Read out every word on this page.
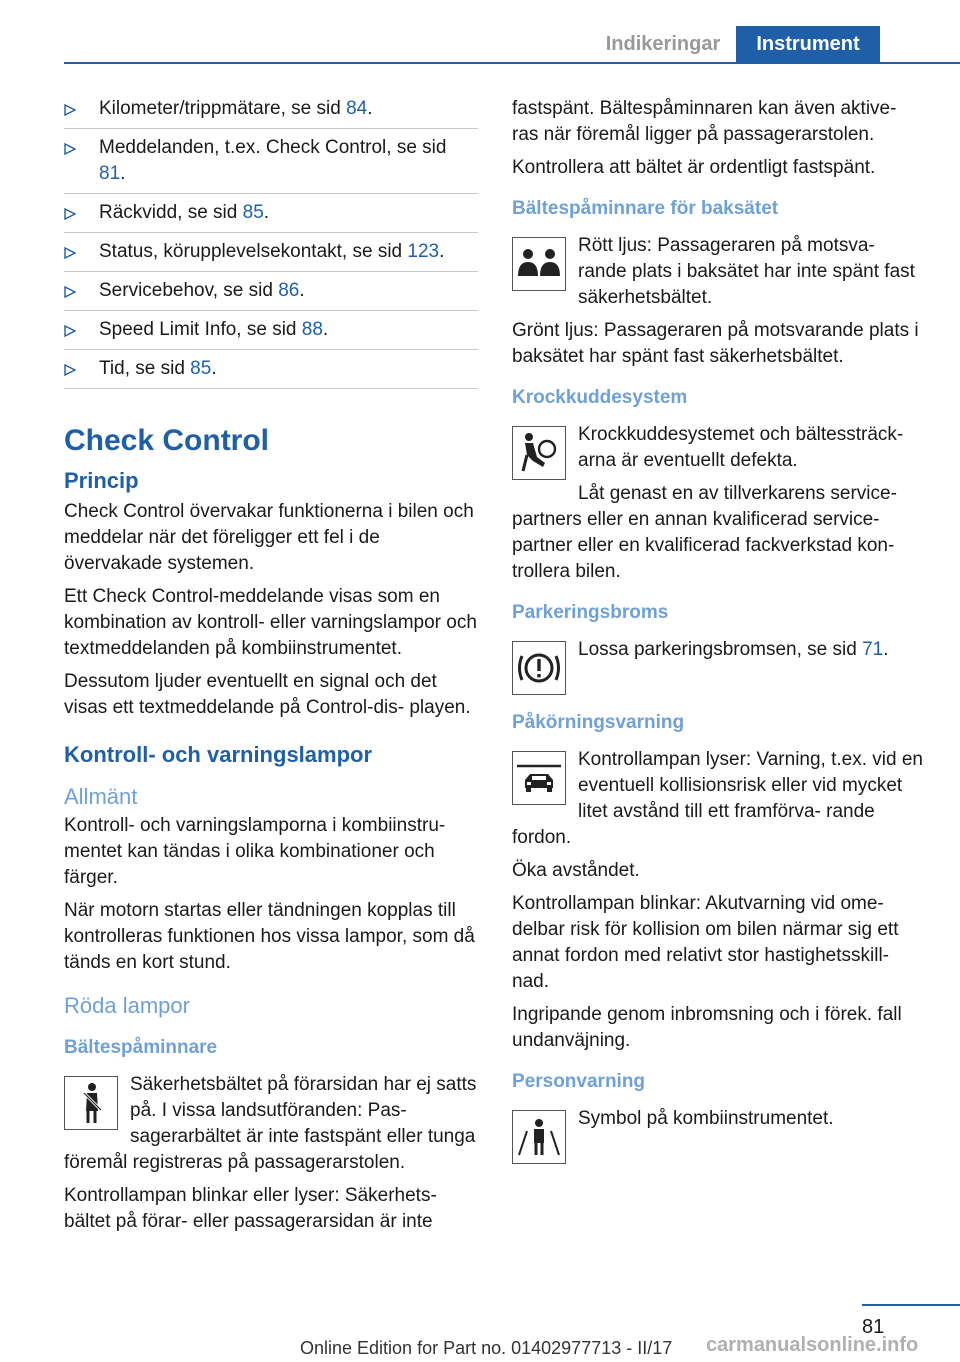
Indikeringar	Instrument
Kilometer/trippmätare, se sid 84.
Meddelanden, t.ex. Check Control, se sid 81.
Räckvidd, se sid 85.
Status, körupplevelsekontakt, se sid 123.
Servicebehov, se sid 86.
Speed Limit Info, se sid 88.
Tid, se sid 85.
Check Control
Princip

Check Control övervakar funktionerna i bilen och meddelar när det föreligger ett fel i de övervakade systemen.

Ett Check Control-meddelande visas som en kombination av kontroll- eller varningslampor och textmeddelanden på kombiinstrumentet.

Dessutom ljuder eventuellt en signal och det visas ett textmeddelande på Control-dis- playen.

Kontroll- och varningslampor
Allmänt

Kontroll- och varningslamporna i kombiinstru- mentet kan tändas i olika kombinationer och färger.

När motorn startas eller tändningen kopplas till kontrolleras funktionen hos vissa lampor, som då tänds en kort stund.

Röda lampor
Bältespåminnare

Säkerhetsbältet på förarsidan har ej satts på. I vissa landsutföranden: Pas- sagerarbältet är inte fastspänt eller tunga föremål registreras på passagerarstolen.

Kontrollampan blinkar eller lyser: Säkerhets- bältet på förar- eller passagerarsidan är inte

fastspänt. Bältespåminnaren kan även aktive- ras när föremål ligger på passagerarstolen.

Kontrollera att bältet är ordentligt fastspänt.

Bältespåminnare för baksätet

Rött ljus: Passageraren på motsva- rande plats i baksätet har inte spänt fast säkerhetsbältet.

Grönt ljus: Passageraren på motsvarande plats i baksätet har spänt fast säkerhetsbältet.

Krockkuddesystem

Krockkuddesystemet och bältessträck- arna är eventuellt defekta.

Låt genast en av tillverkarens service- partners eller en annan kvalificerad service- partner eller en kvalificerad fackverkstad kon- trollera bilen.

Parkeringsbroms

Lossa parkeringsbromsen, se sid 71.

Påkörningsvarning

Kontrollampan lyser: Varning, t.ex. vid en eventuell kollisionsrisk eller vid mycket litet avstånd till ett framförva- rande fordon.

Öka avståndet.

Kontrollampan blinkar: Akutvarning vid ome- delbar risk för kollision om bilen närmar sig ett annat fordon med relativt stor hastighetsskill- nad.

Ingripande genom inbromsning och i förek. fall undanväjning.

Personvarning

Symbol på kombiinstrumentet.

81
Online Edition for Part no. 01402977713 - II/17 carmanualsonline.info
